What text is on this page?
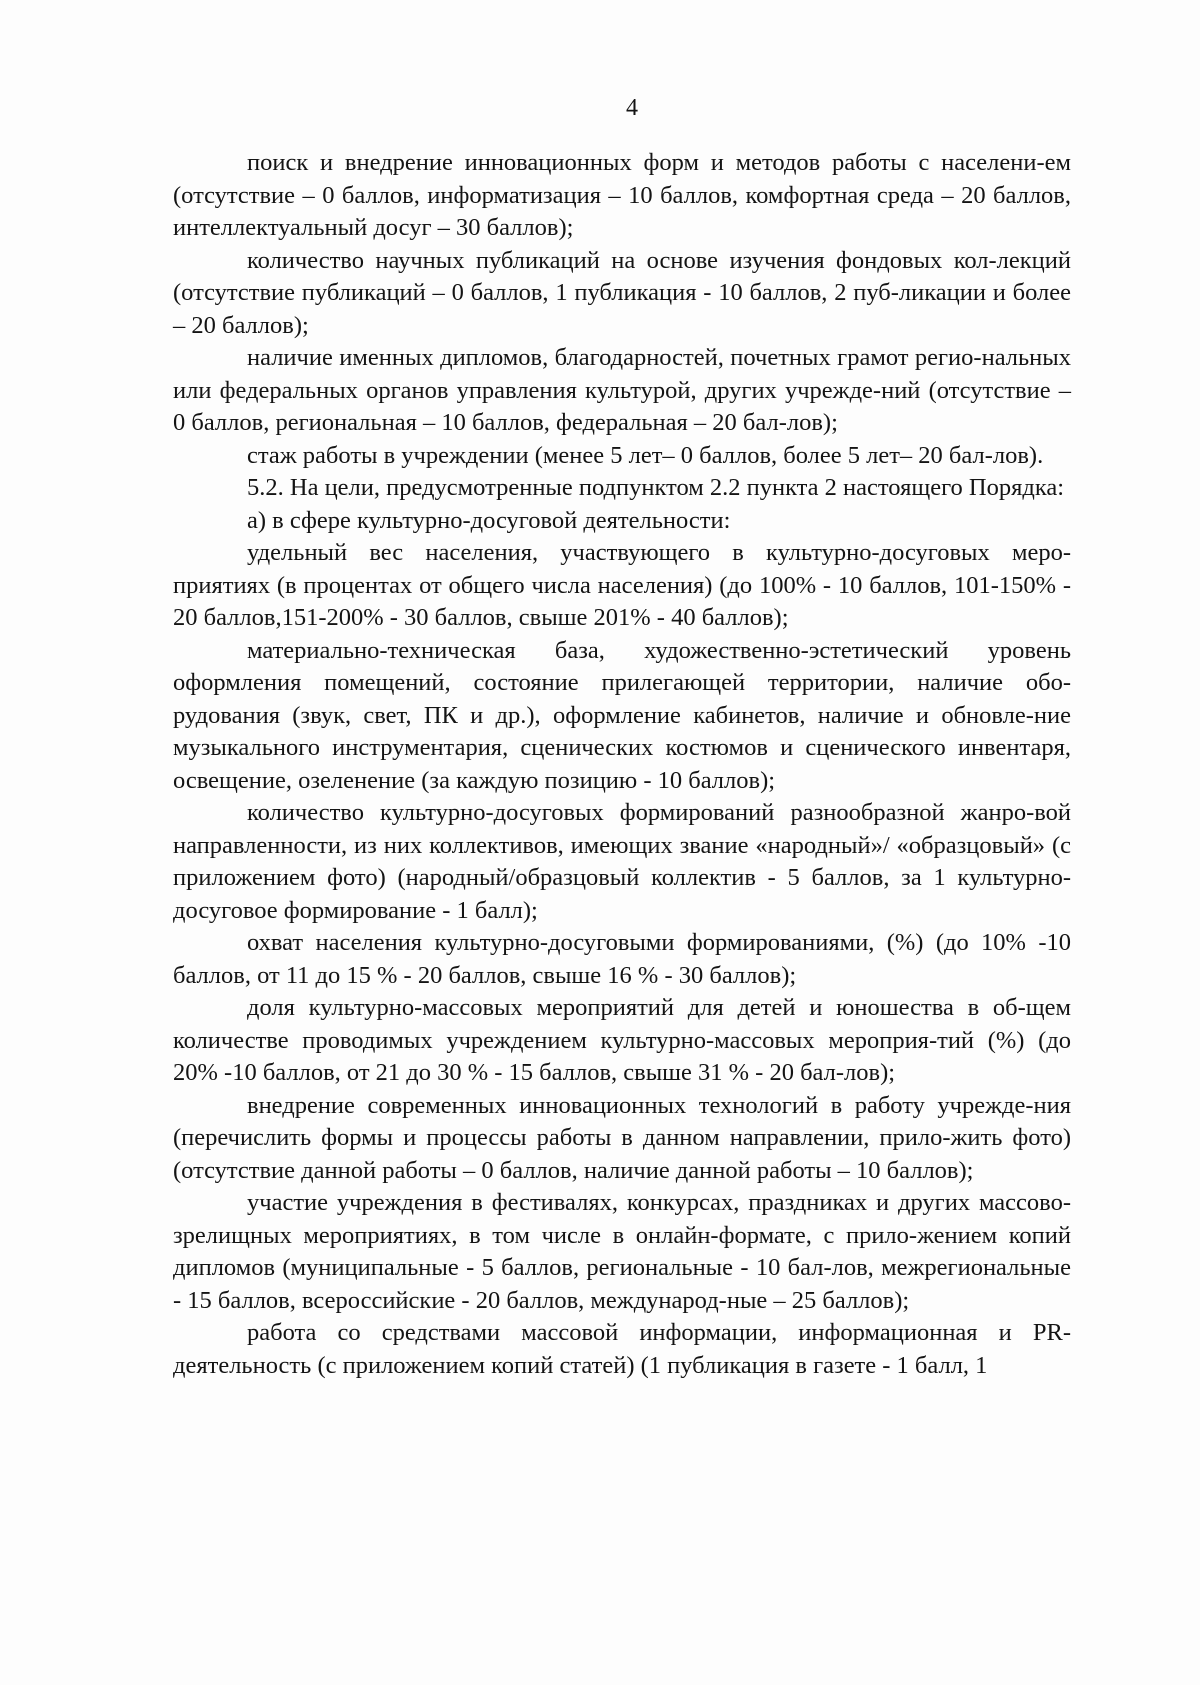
4

поиск и внедрение инновационных форм и методов работы с населени-ем (отсутствие – 0 баллов, информатизация – 10 баллов, комфортная среда – 20 баллов, интеллектуальный досуг – 30 баллов);

количество научных публикаций на основе изучения фондовых кол-лекций (отсутствие публикаций – 0 баллов, 1 публикация - 10 баллов, 2 пуб-ликации и более – 20 баллов);

наличие именных дипломов, благодарностей, почетных грамот регио-нальных или федеральных органов управления культурой, других учрежде-ний (отсутствие – 0 баллов, региональная – 10 баллов, федеральная – 20 бал-лов);

стаж работы в учреждении (менее 5 лет– 0 баллов, более 5 лет– 20 бал-лов).

5.2. На цели, предусмотренные подпунктом 2.2 пункта 2 настоящего Порядка:

а) в сфере культурно-досуговой деятельности:

удельный вес населения, участвующего в культурно-досуговых меро-приятиях (в процентах от общего числа населения) (до 100% - 10 баллов, 101-150% - 20 баллов,151-200% - 30 баллов, свыше 201% - 40 баллов);

материально-техническая база, художественно-эстетический уровень оформления помещений, состояние прилегающей территории, наличие обо-рудования (звук, свет, ПК и др.), оформление кабинетов, наличие и обновле-ние музыкального инструментария, сценических костюмов и сценического инвентаря, освещение, озеленение (за каждую позицию - 10 баллов);

количество культурно-досуговых формирований разнообразной жанро-вой направленности, из них коллективов, имеющих звание «народный»/ «образцовый» (с приложением фото) (народный/образцовый коллектив - 5 баллов, за 1 культурно-досуговое формирование - 1 балл);

охват населения культурно-досуговыми формированиями, (%) (до 10% -10 баллов, от 11 до 15 % - 20 баллов, свыше 16 % - 30 баллов);

доля культурно-массовых мероприятий для детей и юношества в об-щем количестве проводимых учреждением культурно-массовых мероприя-тий (%) (до 20% -10 баллов, от 21 до 30 % - 15 баллов, свыше 31 % - 20 бал-лов);

внедрение современных инновационных технологий в работу учрежде-ния (перечислить формы и процессы работы в данном направлении, прило-жить фото) (отсутствие данной работы – 0 баллов, наличие данной работы – 10 баллов);

участие учреждения в фестивалях, конкурсах, праздниках и других массово-зрелищных мероприятиях, в том числе в онлайн-формате, с прило-жением копий дипломов (муниципальные - 5 баллов, региональные - 10 бал-лов, межрегиональные - 15 баллов, всероссийские - 20 баллов, международ-ные – 25 баллов);

работа со средствами массовой информации, информационная и PR-деятельность (с приложением копий статей) (1 публикация в газете - 1 балл, 1
